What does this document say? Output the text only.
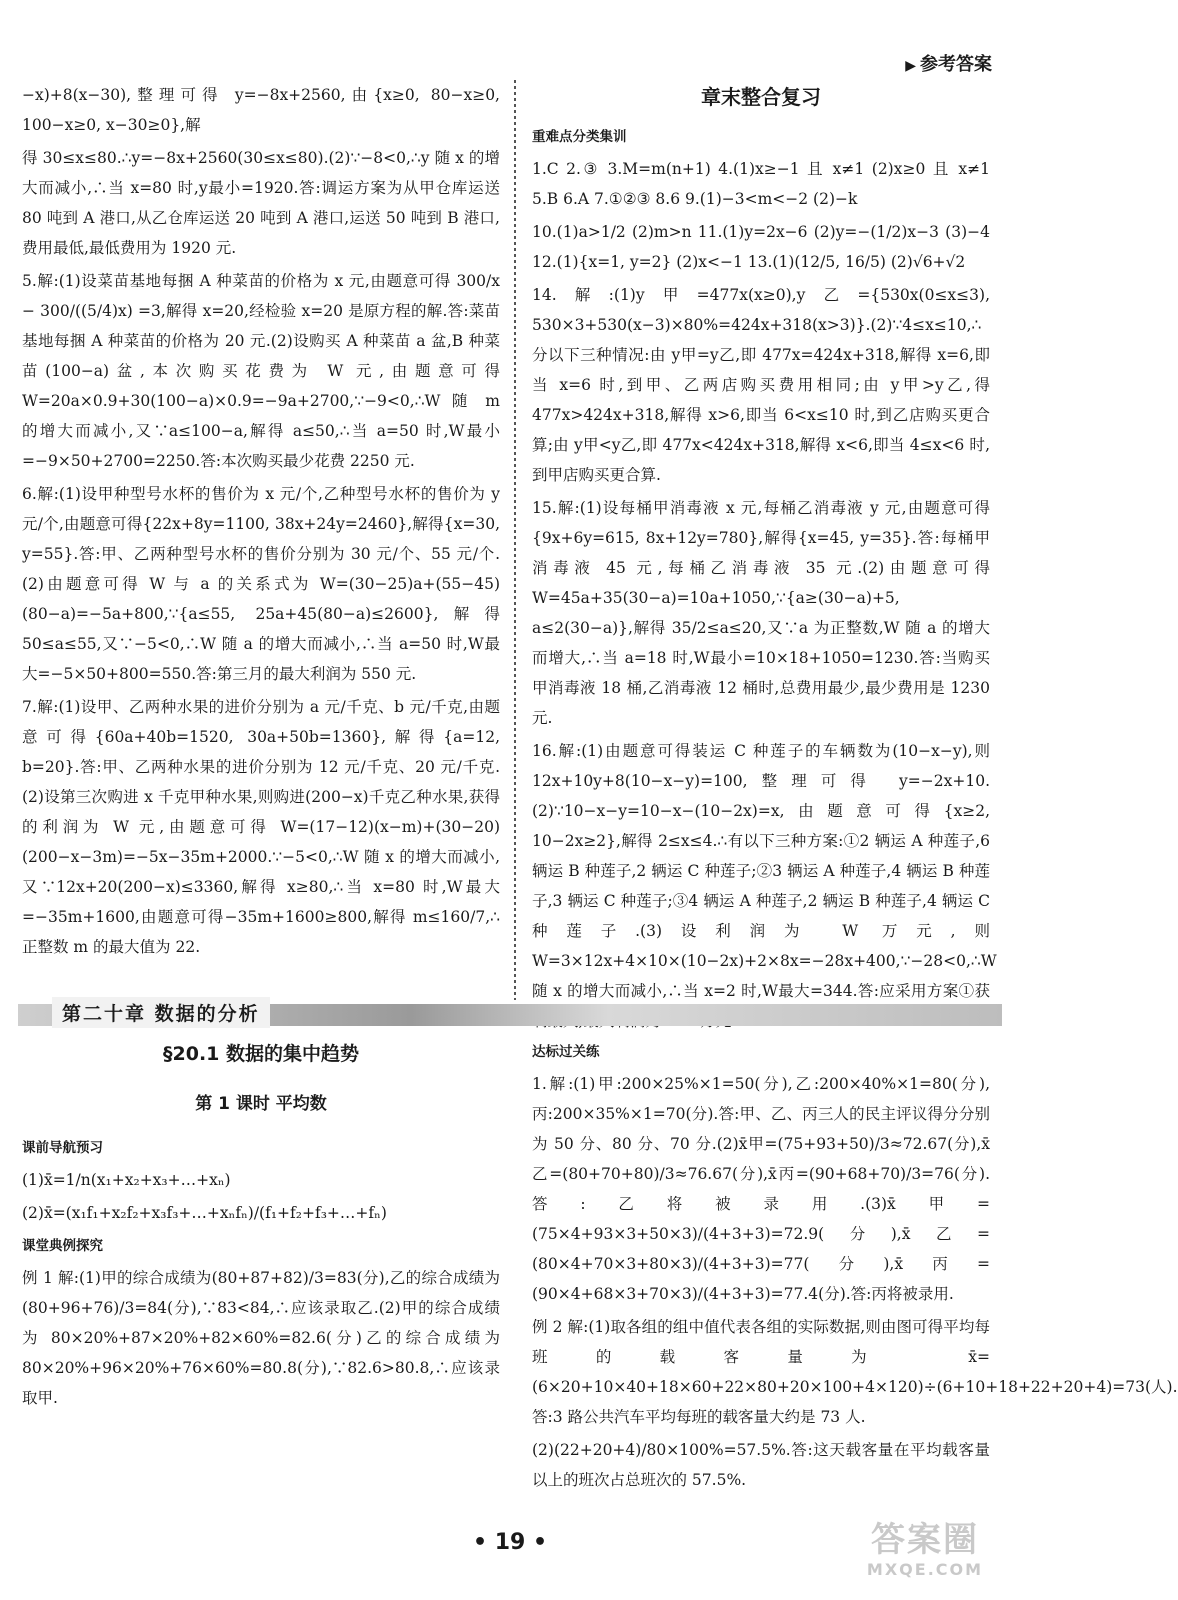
▶ 参考答案

−x)+8(x−30),整理可得 y=−8x+2560,由{x≥0, 80−x≥0, 100−x≥0, x−30≥0},解

得 30≤x≤80.∴y=−8x+2560(30≤x≤80).(2)∵−8<0,∴y 随 x 的增大而减小,∴当 x=80 时,y最小=1920.答:调运方案为从甲仓库运送 80 吨到 A 港口,从乙仓库运送 20 吨到 A 港口,运送 50 吨到 B 港口,费用最低,最低费用为 1920 元.

5.解:(1)设菜苗基地每捆 A 种菜苗的价格为 x 元,由题意可得 300/x − 300/((5/4)x) =3,解得 x=20,经检验 x=20 是原方程的解.答:菜苗基地每捆 A 种菜苗的价格为 20 元.(2)设购买 A 种菜苗 a 盆,B 种菜苗(100−a)盆,本次购买花费为 W 元,由题意可得 W=20a×0.9+30(100−a)×0.9=−9a+2700,∵−9<0,∴W 随 m 的增大而减小,又∵a≤100−a,解得 a≤50,∴当 a=50 时,W最小=−9×50+2700=2250.答:本次购买最少花费 2250 元.

6.解:(1)设甲种型号水杯的售价为 x 元/个,乙种型号水杯的售价为 y 元/个,由题意可得{22x+8y=1100, 38x+24y=2460},解得{x=30, y=55}.答:甲、乙两种型号水杯的售价分别为 30 元/个、55 元/个.(2)由题意可得 W 与 a 的关系式为 W=(30−25)a+(55−45)(80−a)=−5a+800,∵{a≤55, 25a+45(80−a)≤2600},解得 50≤a≤55,又∵−5<0,∴W 随 a 的增大而减小,∴当 a=50 时,W最大=−5×50+800=550.答:第三月的最大利润为 550 元.

7.解:(1)设甲、乙两种水果的进价分别为 a 元/千克、b 元/千克,由题意可得{60a+40b=1520, 30a+50b=1360},解得{a=12, b=20}.答:甲、乙两种水果的进价分别为 12 元/千克、20 元/千克.(2)设第三次购进 x 千克甲种水果,则购进(200−x)千克乙种水果,获得的利润为 W 元,由题意可得 W=(17−12)(x−m)+(30−20)(200−x−3m)=−5x−35m+2000.∵−5<0,∴W 随 x 的增大而减小,又∵12x+20(200−x)≤3360,解得 x≥80,∴当 x=80 时,W最大=−35m+1600,由题意可得−35m+1600≥800,解得 m≤160/7,∴正整数 m 的最大值为 22.

章末整合复习
重难点分类集训

1.C 2.③ 3.M=m(n+1) 4.(1)x≥−1 且 x≠1 (2)x≥0 且 x≠1 5.B 6.A 7.①②③ 8.6 9.(1)−3<m<−2 (2)−k

10.(1)a>1/2 (2)m>n 11.(1)y=2x−6 (2)y=−(1/2)x−3 (3)−4 12.(1){x=1, y=2} (2)x<−1 13.(1)(12/5, 16/5) (2)√6+√2

14.解:(1)y甲=477x(x≥0),y乙={530x(0≤x≤3), 530×3+530(x−3)×80%=424x+318(x>3)}.(2)∵4≤x≤10,∴分以下三种情况:由 y甲=y乙,即 477x=424x+318,解得 x=6,即当 x=6 时,到甲、乙两店购买费用相同;由 y甲>y乙,得 477x>424x+318,解得 x>6,即当 6<x≤10 时,到乙店购买更合算;由 y甲<y乙,即 477x<424x+318,解得 x<6,即当 4≤x<6 时,到甲店购买更合算.

15.解:(1)设每桶甲消毒液 x 元,每桶乙消毒液 y 元,由题意可得{9x+6y=615, 8x+12y=780},解得{x=45, y=35}.答:每桶甲消毒液 45 元,每桶乙消毒液 35 元.(2)由题意可得 W=45a+35(30−a)=10a+1050,∵{a≥(30−a)+5, a≤2(30−a)},解得 35/2≤a≤20,又∵a 为正整数,W 随 a 的增大而增大,∴当 a=18 时,W最小=10×18+1050=1230.答:当购买甲消毒液 18 桶,乙消毒液 12 桶时,总费用最少,最少费用是 1230 元.

16.解:(1)由题意可得装运 C 种莲子的车辆数为(10−x−y),则 12x+10y+8(10−x−y)=100,整理可得 y=−2x+10.(2)∵10−x−y=10−x−(10−2x)=x,由题意可得{x≥2, 10−2x≥2},解得 2≤x≤4.∴有以下三种方案:①2 辆运 A 种莲子,6 辆运 B 种莲子,2 辆运 C 种莲子;②3 辆运 A 种莲子,4 辆运 B 种莲子,3 辆运 C 种莲子;③4 辆运 A 种莲子,2 辆运 B 种莲子,4 辆运 C 种莲子.(3)设利润为 W 万元,则 W=3×12x+4×10×(10−2x)+2×8x=−28x+400,∵−28<0,∴W 随 x 的增大而减小,∴当 x=2 时,W最大=344.答:应采用方案①获

第二十章 数据的分析
§20.1 数据的集中趋势
第 1 课时 平均数
课前导航预习

(1)x̄=1/n(x₁+x₂+x₃+…+xₙ)

(2)x̄=(x₁f₁+x₂f₂+x₃f₃+…+xₙfₙ)/(f₁+f₂+f₃+…+fₙ)

课堂典例探究

例 1 解:(1)甲的综合成绩为(80+87+82)/3=83(分),乙的综合成绩为(80+96+76)/3=84(分),∵83<84,∴应该录取乙.(2)甲的综合成绩为 80×20%+87×20%+82×60%=82.6(分)乙的综合成绩为 80×20%+96×20%+76×60%=80.8(分),∵82.6>80.8,∴应该录取甲.

达标过关练

1.解:(1)甲:200×25%×1=50(分),乙:200×40%×1=80(分),丙:200×35%×1=70(分).答:甲、乙、丙三人的民主评议得分分别为 50 分、80 分、70 分.(2)x̄甲=(75+93+50)/3≈72.67(分),x̄乙=(80+70+80)/3≈76.67(分),x̄丙=(90+68+70)/3=76(分).答:乙将被录用.(3)x̄甲=(75×4+93×3+50×3)/(4+3+3)=72.9(分),x̄乙=(80×4+70×3+80×3)/(4+3+3)=77(分),x̄丙=(90×4+68×3+70×3)/(4+3+3)=77.4(分).答:丙将被录用.

例 2 解:(1)取各组的组中值代表各组的实际数据,则由图可得平均每班的载客量为 x̄=(6×20+10×40+18×60+22×80+20×100+4×120)÷(6+10+18+22+20+4)=73(人).答:3 路公共汽车平均每班的载客量大约是 73 人.

(2)(22+20+4)/80×100%=57.5%.答:这天载客量在平均载客量以上的班次占总班次的 57.5%.

• 19 •	答案圈
MXQE.COM
